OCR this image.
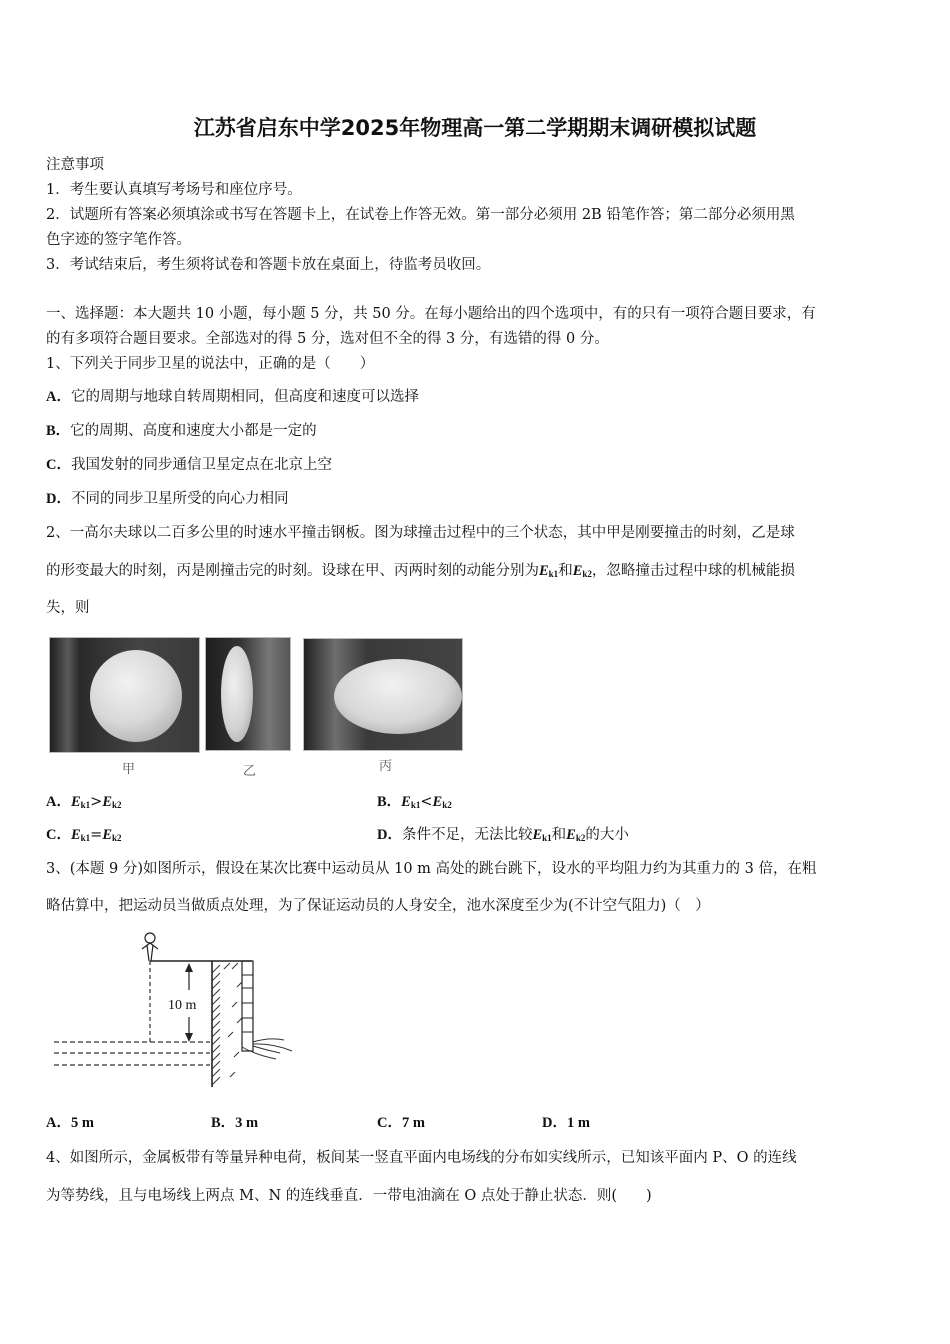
江苏省启东中学2025年物理高一第二学期期末调研模拟试题
注意事项
1．考生要认真填写考场号和座位序号。
2．试题所有答案必须填涂或书写在答题卡上，在试卷上作答无效。第一部分必须用 2B 铅笔作答；第二部分必须用黑
色字迹的签字笔作答。
3．考试结束后，考生须将试卷和答题卡放在桌面上，待监考员收回。
一、选择题：本大题共 10 小题，每小题 5 分，共 50 分。在每小题给出的四个选项中，有的只有一项符合题目要求，有
的有多项符合题目要求。全部选对的得 5 分，选对但不全的得 3 分，有选错的得 0 分。
1、下列关于同步卫星的说法中，正确的是（　　）
A．它的周期与地球自转周期相同，但高度和速度可以选择
B．它的周期、高度和速度大小都是一定的
C．我国发射的同步通信卫星定点在北京上空
D．不同的同步卫星所受的向心力相同
2、一高尔夫球以二百多公里的时速水平撞击钢板。图为球撞击过程中的三个状态，其中甲是刚要撞击的时刻，乙是球
的形变最大的时刻，丙是刚撞击完的时刻。设球在甲、丙两时刻的动能分别为$E_{k1}$和$E_{k2}$，忽略撞击过程中球的机械能损
失，则
甲	乙	丙
A．$E_{k1}>E_{k2}$	B．$E_{k1}<E_{k2}$
C．$E_{k1}=E_{k2}$	D．条件不足，无法比较$E_{k1}$和$E_{k2}$的大小
3、(本题 9 分)如图所示，假设在某次比赛中运动员从 10 m 高处的跳台跳下，设水的平均阻力约为其重力的 3 倍，在粗
略估算中，把运动员当做质点处理，为了保证运动员的人身安全，池水深度至少为(不计空气阻力)（　）
10 m
A．5 m	B．3 m	C．7 m	D．1 m
4、如图所示，金属板带有等量异种电荷，板间某一竖直平面内电场线的分布如实线所示，已知该平面内 P、O 的连线
为等势线，且与电场线上两点 M、N 的连线垂直．一带电油滴在 O 点处于静止状态．则(　　)
